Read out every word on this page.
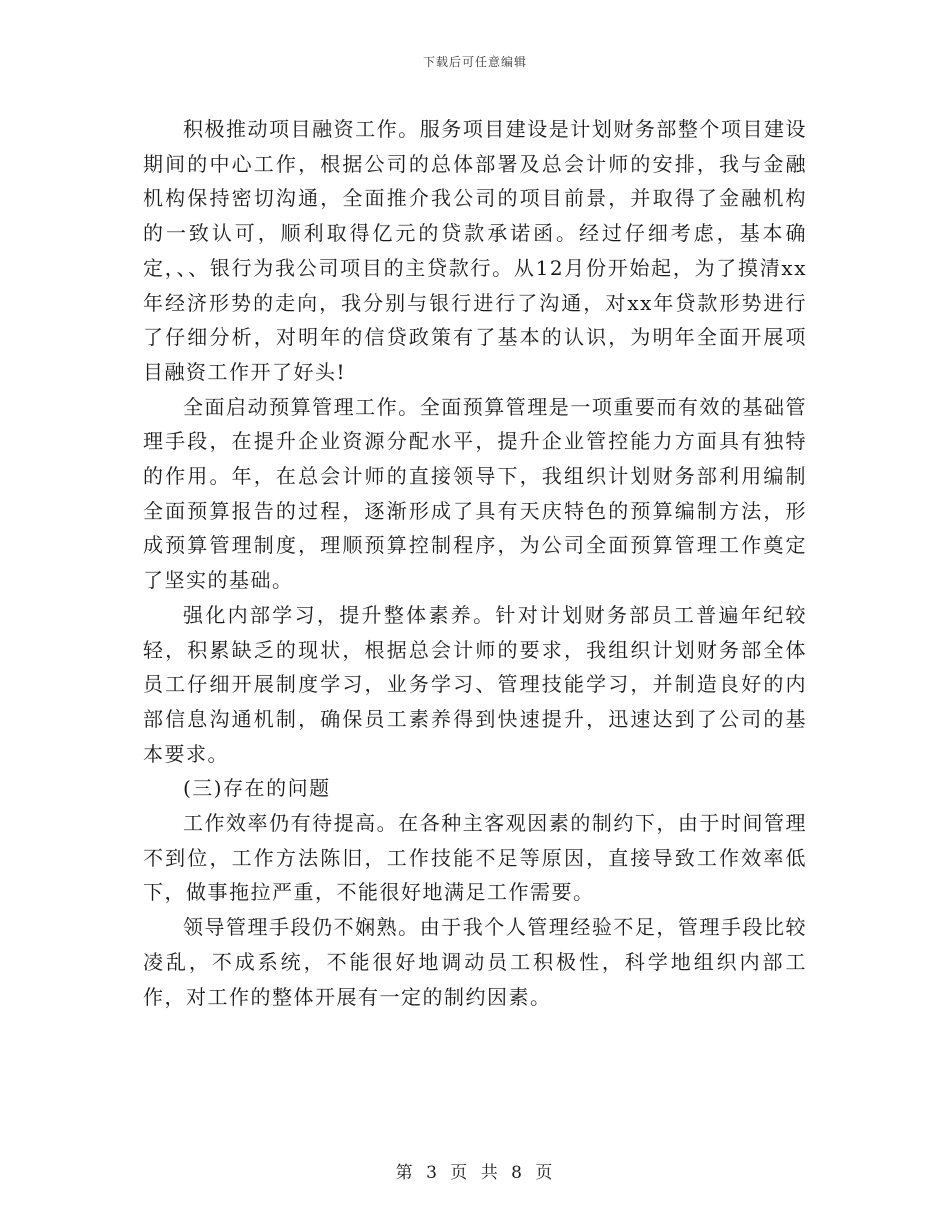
下载后可任意编辑

积极推动项目融资工作。服务项目建设是计划财务部整个项目建设期间的中心工作，根据公司的总体部署及总会计师的安排，我与金融机构保持密切沟通，全面推介我公司的项目前景，并取得了金融机构的一致认可，顺利取得亿元的贷款承诺函。经过仔细考虑，基本确定，、、银行为我公司项目的主贷款行。从12月份开始起，为了摸清xx年经济形势的走向，我分别与银行进行了沟通，对xx年贷款形势进行了仔细分析，对明年的信贷政策有了基本的认识，为明年全面开展项目融资工作开了好头!

全面启动预算管理工作。全面预算管理是一项重要而有效的基础管理手段，在提升企业资源分配水平，提升企业管控能力方面具有独特的作用。年，在总会计师的直接领导下，我组织计划财务部利用编制全面预算报告的过程，逐渐形成了具有天庆特色的预算编制方法，形成预算管理制度，理顺预算控制程序，为公司全面预算管理工作奠定了坚实的基础。

强化内部学习，提升整体素养。针对计划财务部员工普遍年纪较轻，积累缺乏的现状，根据总会计师的要求，我组织计划财务部全体员工仔细开展制度学习，业务学习、管理技能学习，并制造良好的内部信息沟通机制，确保员工素养得到快速提升，迅速达到了公司的基本要求。

(三)存在的问题

工作效率仍有待提高。在各种主客观因素的制约下，由于时间管理不到位，工作方法陈旧，工作技能不足等原因，直接导致工作效率低下，做事拖拉严重，不能很好地满足工作需要。

领导管理手段仍不娴熟。由于我个人管理经验不足，管理手段比较凌乱，不成系统，不能很好地调动员工积极性，科学地组织内部工作，对工作的整体开展有一定的制约因素。

第 3 页 共 8 页
